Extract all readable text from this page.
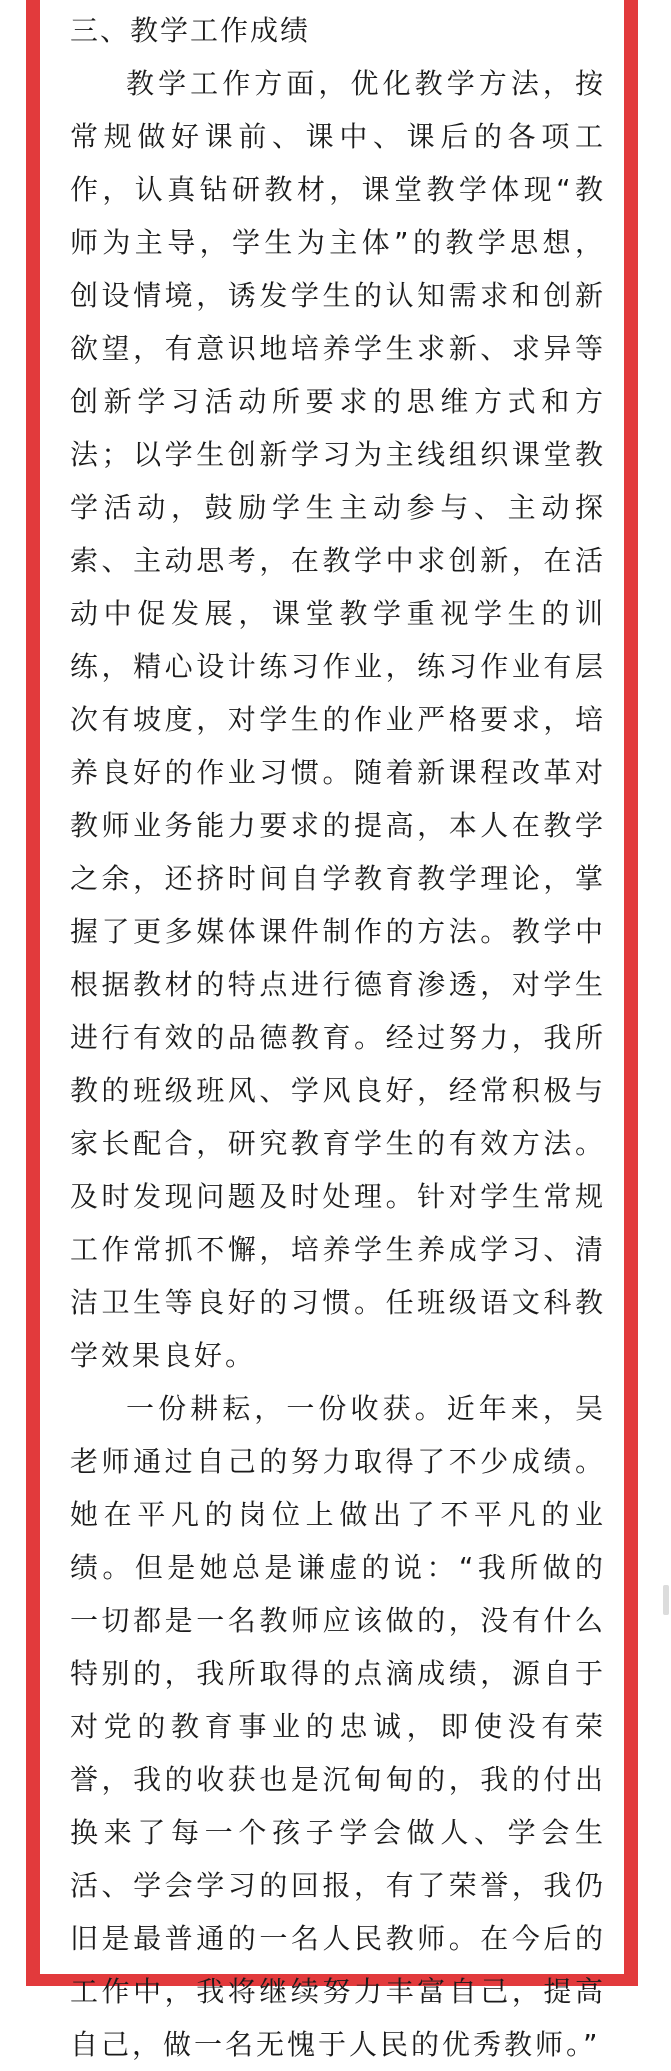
三、教学工作成绩

教学工作方面，优化教学方法，按常规做好课前、课中、课后的各项工作，认真钻研教材，课堂教学体现“教师为主导，学生为主体”的教学思想，创设情境，诱发学生的认知需求和创新欲望，有意识地培养学生求新、求异等创新学习活动所要求的思维方式和方法；以学生创新学习为主线组织课堂教学活动，鼓励学生主动参与、主动探索、主动思考，在教学中求创新，在活动中促发展，课堂教学重视学生的训练，精心设计练习作业，练习作业有层次有坡度，对学生的作业严格要求，培养良好的作业习惯。随着新课程改革对教师业务能力要求的提高，本人在教学之余，还挤时间自学教育教学理论，掌握了更多媒体课件制作的方法。教学中根据教材的特点进行德育渗透，对学生进行有效的品德教育。经过努力，我所教的班级班风、学风良好，经常积极与家长配合，研究教育学生的有效方法。及时发现问题及时处理。针对学生常规工作常抓不懈，培养学生养成学习、清洁卫生等良好的习惯。任班级语文科教学效果良好。

一份耕耘，一份收获。近年来，吴老师通过自己的努力取得了不少成绩。她在平凡的岗位上做出了不平凡的业绩。但是她总是谦虚的说：“我所做的一切都是一名教师应该做的，没有什么特别的，我所取得的点滴成绩，源自于对党的教育事业的忠诚，即使没有荣誉，我的收获也是沉甸甸的，我的付出换来了每一个孩子学会做人、学会生活、学会学习的回报，有了荣誉，我仍旧是最普通的一名人民教师。在今后的工作中，我将继续努力丰富自己，提高自己，做一名无愧于人民的优秀教师。”
